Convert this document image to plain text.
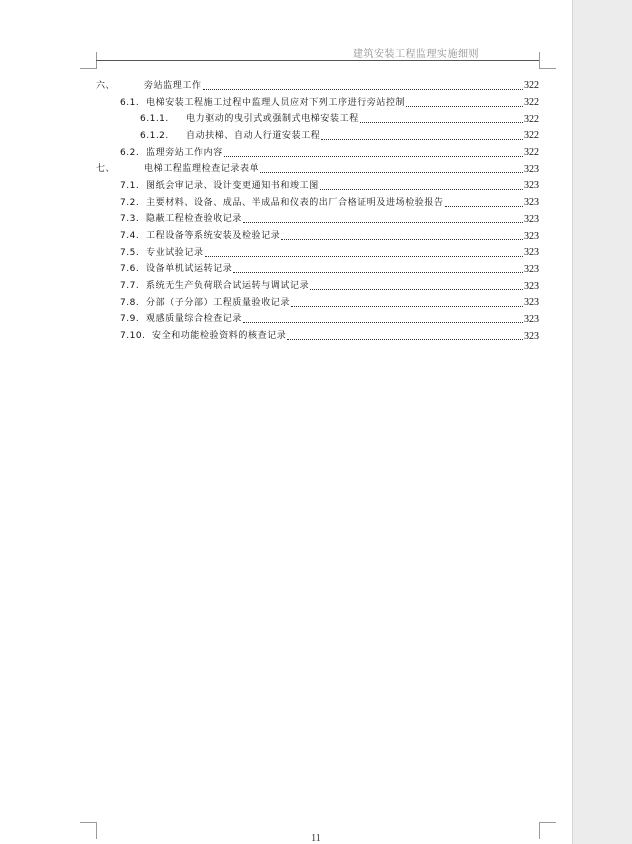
建筑安装工程监理实施细则
六、	旁站监理工作	322
6.1. 电梯安装工程施工过程中监理人员应对下列工序进行旁站控制	322
6.1.1.	电力驱动的曳引式或强制式电梯安装工程	322
6.1.2.	自动扶梯、自动人行道安装工程	322
6.2. 监理旁站工作内容	322
七、	电梯工程监理检查记录表单	323
7.1. 图纸会审记录、设计变更通知书和竣工图	323
7.2. 主要材料、设备、成品、半成品和仪表的出厂合格证明及进场检验报告	323
7.3. 隐蔽工程检查验收记录	323
7.4. 工程设备等系统安装及检验记录	323
7.5. 专业试验记录	323
7.6. 设备单机试运转记录	323
7.7. 系统无生产负荷联合试运转与调试记录	323
7.8. 分部（子分部）工程质量验收记录	323
7.9. 观感质量综合检查记录	323
7.10. 安全和功能检验资料的核查记录	323
11
